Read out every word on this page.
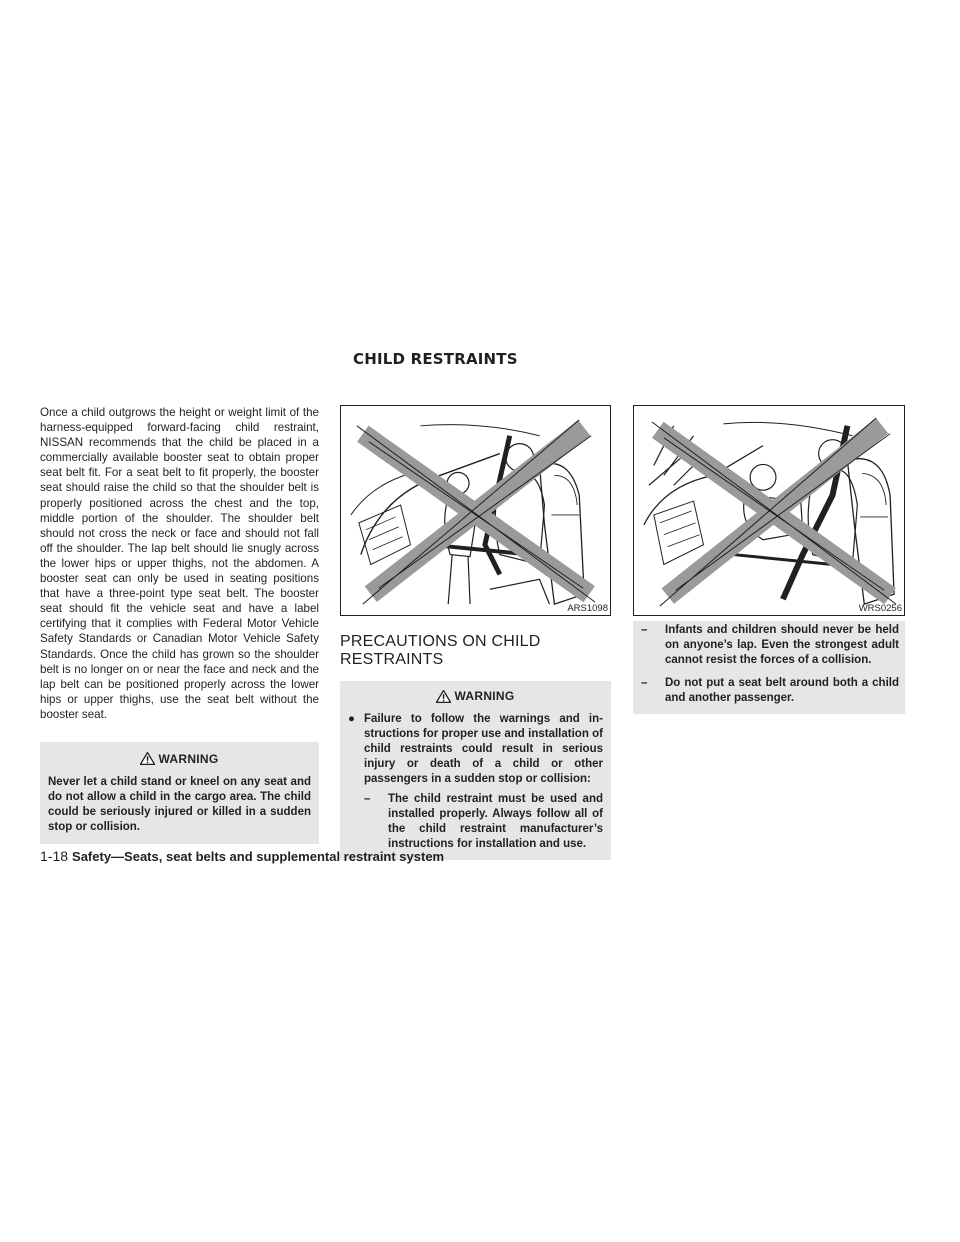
CHILD RESTRAINTS

Once a child outgrows the height or weight limit of the harness-equipped forward-facing child restraint, NISSAN recommends that the child be placed in a commercially available booster seat to obtain proper seat belt fit. For a seat belt to fit properly, the booster seat should raise the child so that the shoulder belt is properly positioned across the chest and the top, middle portion of the shoulder. The shoulder belt should not cross the neck or face and should not fall off the shoulder. The lap belt should lie snugly across the lower hips or upper thighs, not the abdomen. A booster seat can only be used in seating positions that have a three-point type seat belt. The booster seat should fit the vehicle seat and have a label certifying that it complies with Federal Motor Vehicle Safety Standards or Canadian Motor Vehicle Safety Standards. Once the child has grown so the shoulder belt is no longer on or near the face and neck and the lap belt can be positioned properly across the lower hips or upper thighs, use the seat belt without the booster seat.

WARNING

Never let a child stand or kneel on any seat and do not allow a child in the cargo area. The child could be seriously injured or killed in a sudden stop or collision.

ARS1098
PRECAUTIONS ON CHILD RESTRAINTS
WARNING
● Failure to follow the warnings and instructions for proper use and installation of child restraints could result in serious injury or death of a child or other passengers in a sudden stop or collision:
–	The child restraint must be used and installed properly. Always follow all of the child restraint manufacturer’s instructions for installation and use.
WRS0256
–	Infants and children should never be held on anyone’s lap. Even the strongest adult cannot resist the forces of a collision.
–	Do not put a seat belt around both a child and another passenger.
1-18 Safety—Seats, seat belts and supplemental restraint system
